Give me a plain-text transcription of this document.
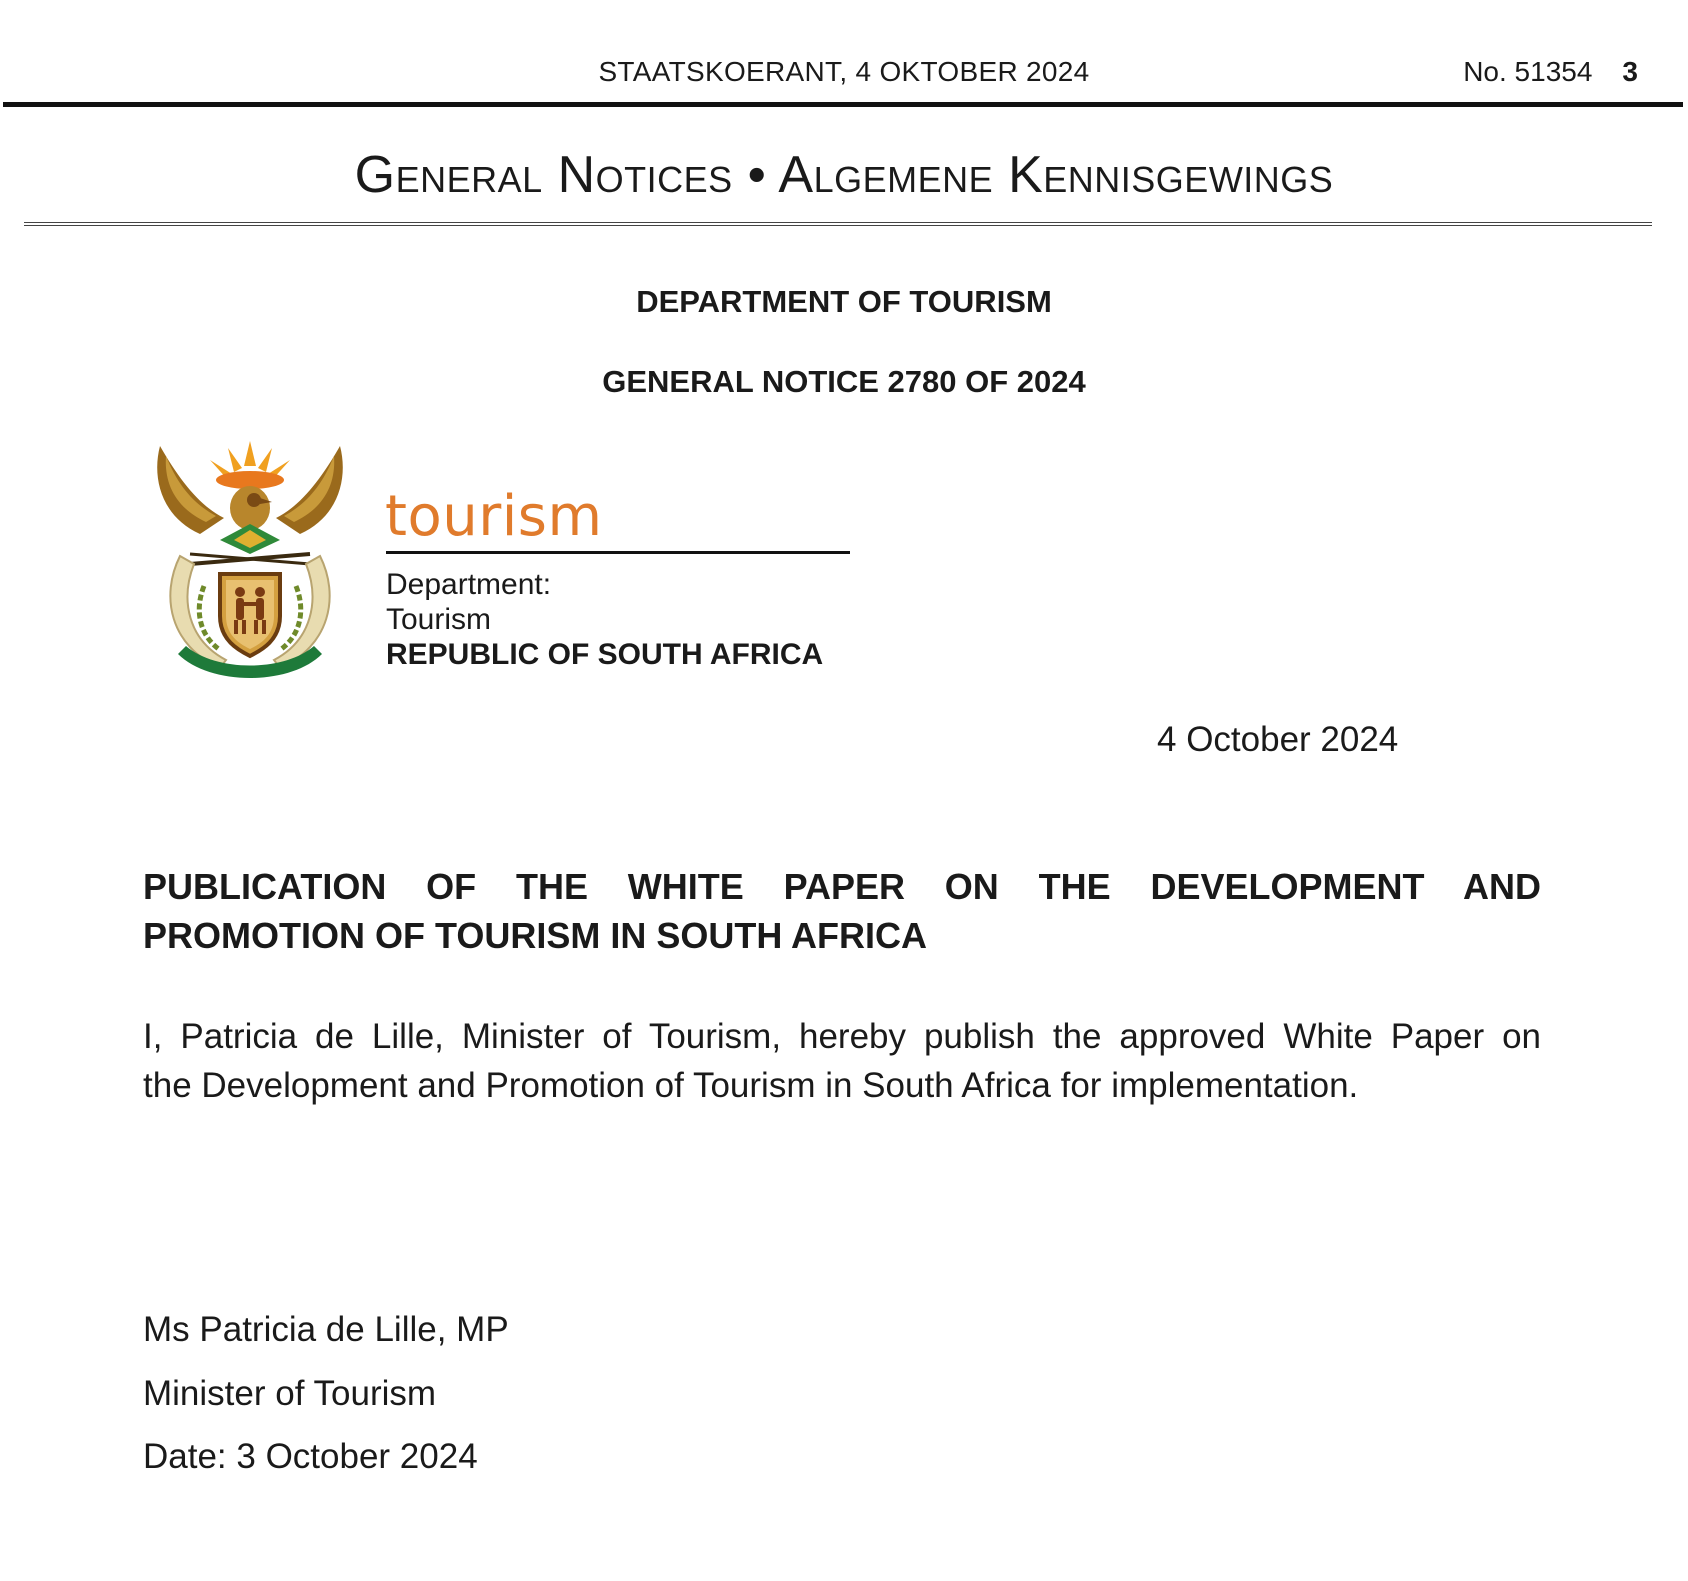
STAATSKOERANT, 4 OKTOBER 2024	No. 51354 3
General Notices • Algemene Kennisgewings
DEPARTMENT OF TOURISM
GENERAL NOTICE 2780 OF 2024
tourism
Department:
Tourism
REPUBLIC OF SOUTH AFRICA
4 October 2024
PUBLICATION OF THE WHITE PAPER ON THE DEVELOPMENT AND
PROMOTION OF TOURISM IN SOUTH AFRICA
I, Patricia de Lille, Minister of Tourism, hereby publish the approved White Paper on
the Development and Promotion of Tourism in South Africa for implementation.
Ms Patricia de Lille, MP
Minister of Tourism
Date: 3 October 2024
